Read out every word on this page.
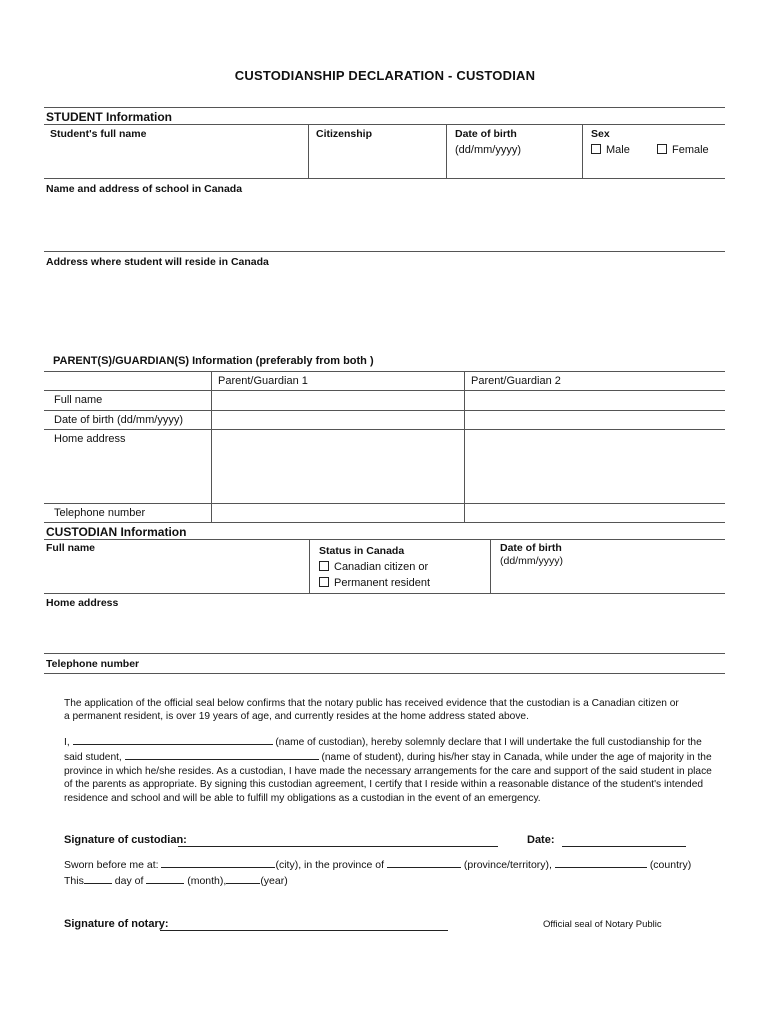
CUSTODIANSHIP DECLARATION - CUSTODIAN
STUDENT Information
Student's full name	Citizenship	Date of birth
(dd/mm/yyyy)
Sex
Male	Female
Name and address of school in Canada
Address where student will reside in Canada
PARENT(S)/GUARDIAN(S) Information (preferably from both )
Parent/Guardian 1	Parent/Guardian 2
Full name
Date of birth (dd/mm/yyyy)
Home address
Telephone number
CUSTODIAN Information
Full name	Status in Canada
Canadian citizen or
Permanent resident
Date of birth
(dd/mm/yyyy)
Home address
Telephone number
The application of the official seal below confirms that the notary public has received evidence that the custodian is a Canadian citizen or
a permanent resident, is over 19 years of age, and currently resides at the home address stated above.
I,	(name of custodian), hereby solemnly declare that I will undertake the full custodianship for the
said student,	(name of student), during his/her stay in Canada, while under the age of majority in the
province in which he/she resides. As a custodian, I have made the necessary arrangements for the care and support of the said student in place
of the parents as appropriate. By signing this custodian agreement, I certify that I reside within a reasonable distance of the student's intended
residence and school and will be able to fulfill my obligations as a custodian in the event of an emergency.
Signature of custodian:	Date:
Sworn before me at:	(city), in the province of	(province/territory),	(country)
This	day of	(month),	(year)
Signature of notary:	Official seal of Notary Public
